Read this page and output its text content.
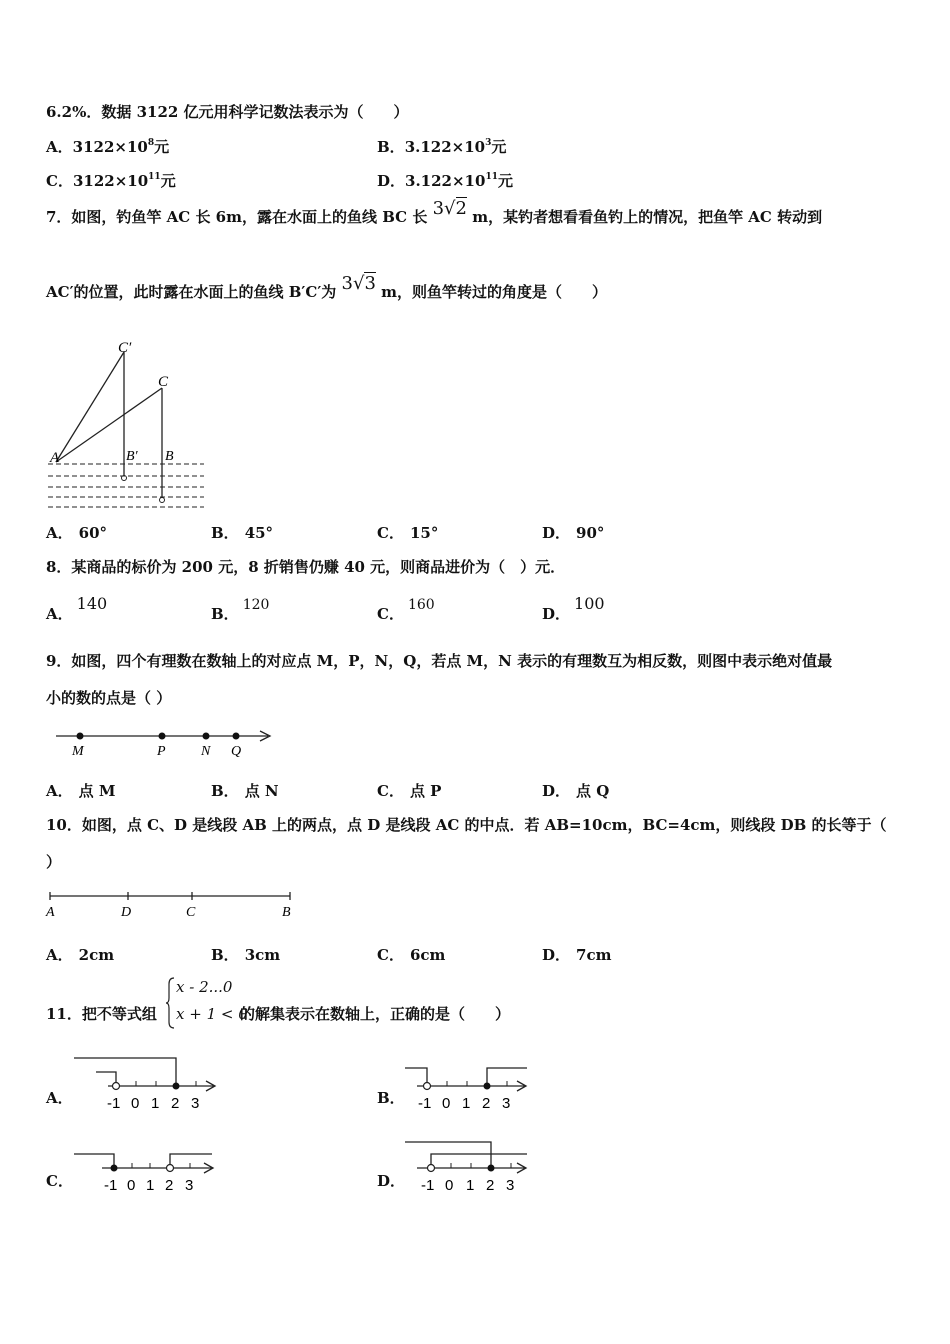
6.2%．数据 3122 亿元用科学记数法表示为（　　）
A．$3122\times 10^8$元	B．$3.122\times 10^3$元
C．$3122\times 10^{11}$元	D．$3.122\times 10^{11}$元
7．如图，钓鱼竿 AC 长 6m，露在水面上的鱼线 BC 长 3√2 m，某钓者想看看鱼钓上的情况，把鱼竿 AC 转动到
AC′的位置，此时露在水面上的鱼线 B′C′为 3√3 m，则鱼竿转过的角度是（　　）
C′
C
A	B′ B
A． 60°	B． 45°	C． 15°	D． 90°
8．某商品的标价为 200 元，8 折销售仍赚 40 元，则商品进价为（　）元．
A．140
B． 120	C． 160	D．100
9．如图，四个有理数在数轴上的对应点 M，P，N，Q，若点 M，N 表示的有理数互为相反数，则图中表示绝对值最
小的数的点是（ ）
M	P	N Q
A． 点 M	B． 点 N	C． 点 P	D． 点 Q
10．如图，点 C、D 是线段 AB 上的两点，点 D 是线段 AC 的中点．若 AB=10cm，BC=4cm，则线段 DB 的长等于（
）
A	D	C	B
A． 2cm	B． 3cm	C． 6cm	D． 7cm
11．把不等式组
x - 2...0
x + 1 < 0
的解集表示在数轴上，正确的是（　　）
A． -1 0 1 2 3	B． -1 0 1 2 3
C． -1 0 1 2 3	D． -1 0 1 2 3
